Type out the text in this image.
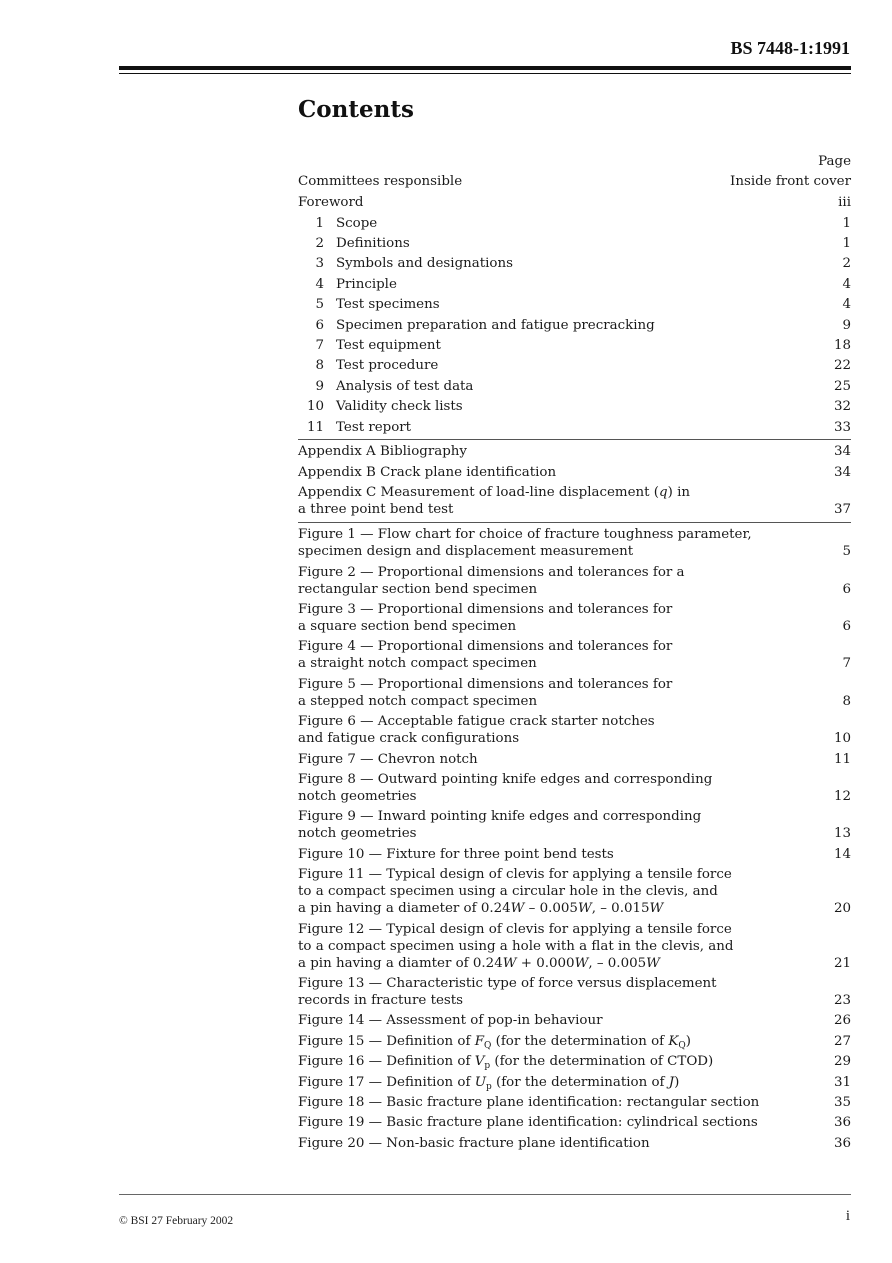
BS 7448-1:1991
Contents
Page
Committees responsible	Inside front cover
Foreword	iii
1 Scope	1
2 Definitions	1
3 Symbols and designations	2
4 Principle	4
5 Test specimens	4
6 Specimen preparation and fatigue precracking	9
7 Test equipment	18
8 Test procedure	22
9 Analysis of test data	25
10 Validity check lists	32
11 Test report	33
Appendix A Bibliography	34
Appendix B Crack plane identification	34
Appendix C Measurement of load-line displacement (q) in
a three point bend test	37
Figure 1 — Flow chart for choice of fracture toughness parameter,
specimen design and displacement measurement	5
Figure 2 — Proportional dimensions and tolerances for a
rectangular section bend specimen	6
Figure 3 — Proportional dimensions and tolerances for
a square section bend specimen	6
Figure 4 — Proportional dimensions and tolerances for
a straight notch compact specimen	7
Figure 5 — Proportional dimensions and tolerances for
a stepped notch compact specimen	8
Figure 6 — Acceptable fatigue crack starter notches
and fatigue crack configurations	10
Figure 7 — Chevron notch	11
Figure 8 — Outward pointing knife edges and corresponding
notch geometries	12
Figure 9 — Inward pointing knife edges and corresponding
notch geometries	13
Figure 10 — Fixture for three point bend tests	14
Figure 11 — Typical design of clevis for applying a tensile force
to a compact specimen using a circular hole in the clevis, and
a pin having a diameter of 0.24W – 0.005W, – 0.015W	20
Figure 12 — Typical design of clevis for applying a tensile force
to a compact specimen using a hole with a flat in the clevis, and
a pin having a diamter of 0.24W + 0.000W, – 0.005W	21
Figure 13 — Characteristic type of force versus displacement
records in fracture tests	23
Figure 14 — Assessment of pop-in behaviour	26
Figure 15 — Definition of $F_Q$ (for the determination of $K_Q$)	27
Figure 16 — Definition of $V_p$ (for the determination of CTOD)	29
Figure 17 — Definition of $U_p$ (for the determination of J)	31
Figure 18 — Basic fracture plane identification: rectangular section	35
Figure 19 — Basic fracture plane identification: cylindrical sections	36
Figure 20 — Non-basic fracture plane identification	36
© BSI 27 February 2002	i
